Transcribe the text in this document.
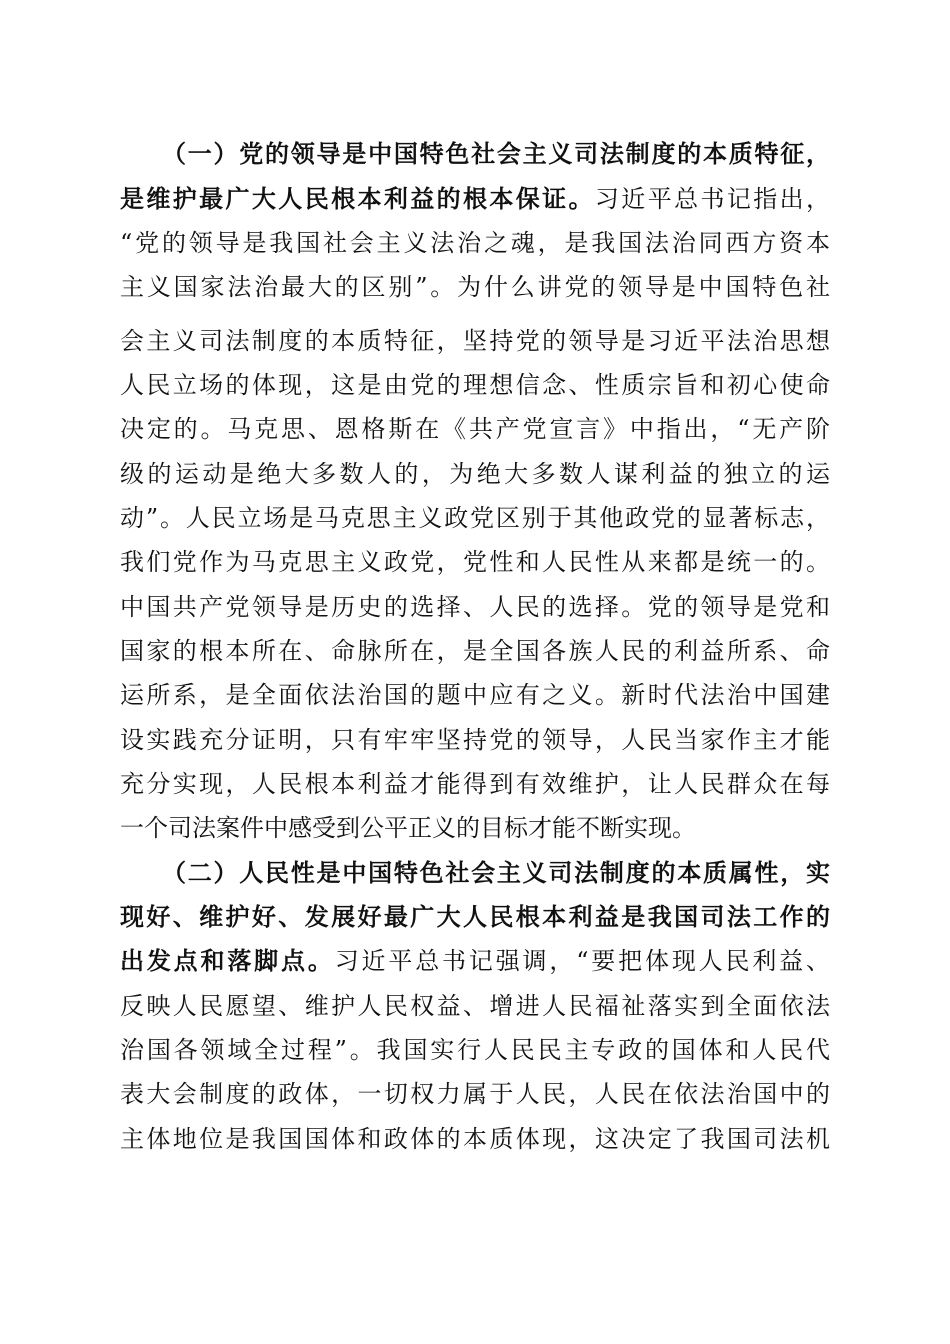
（一）党的领导是中国特色社会主义司法制度的本质特征，
是维护最广大人民根本利益的根本保证。习近平总书记指出，
“党的领导是我国社会主义法治之魂，是我国法治同西方资本
主义国家法治最大的区别”。为什么讲党的领导是中国特色社
会主义司法制度的本质特征，坚持党的领导是习近平法治思想
人民立场的体现，这是由党的理想信念、性质宗旨和初心使命
决定的。马克思、恩格斯在《共产党宣言》中指出，“无产阶
级的运动是绝大多数人的，为绝大多数人谋利益的独立的运
动”。人民立场是马克思主义政党区别于其他政党的显著标志，
我们党作为马克思主义政党，党性和人民性从来都是统一的。
中国共产党领导是历史的选择、人民的选择。党的领导是党和
国家的根本所在、命脉所在，是全国各族人民的利益所系、命
运所系，是全面依法治国的题中应有之义。新时代法治中国建
设实践充分证明，只有牢牢坚持党的领导，人民当家作主才能
充分实现，人民根本利益才能得到有效维护，让人民群众在每
一个司法案件中感受到公平正义的目标才能不断实现。
（二）人民性是中国特色社会主义司法制度的本质属性，实
现好、维护好、发展好最广大人民根本利益是我国司法工作的
出发点和落脚点。习近平总书记强调，“要把体现人民利益、
反映人民愿望、维护人民权益、增进人民福祉落实到全面依法
治国各领域全过程”。我国实行人民民主专政的国体和人民代
表大会制度的政体，一切权力属于人民，人民在依法治国中的
主体地位是我国国体和政体的本质体现，这决定了我国司法机
